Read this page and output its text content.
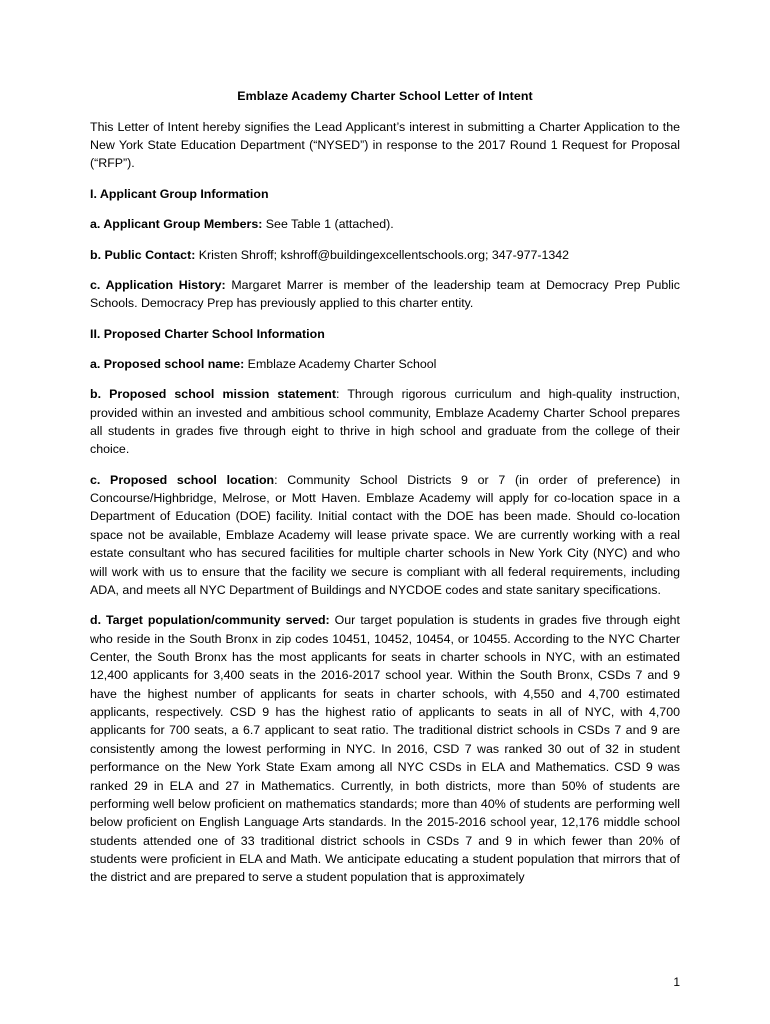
Emblaze Academy Charter School Letter of Intent

This Letter of Intent hereby signifies the Lead Applicant’s interest in submitting a Charter Application to the New York State Education Department (“NYSED”) in response to the 2017 Round 1 Request for Proposal (“RFP”).

I. Applicant Group Information

a. Applicant Group Members: See Table 1 (attached).

b. Public Contact: Kristen Shroff; kshroff@buildingexcellentschools.org; 347-977-1342

c. Application History: Margaret Marrer is member of the leadership team at Democracy Prep Public Schools. Democracy Prep has previously applied to this charter entity.

II. Proposed Charter School Information

a. Proposed school name: Emblaze Academy Charter School

b. Proposed school mission statement: Through rigorous curriculum and high-quality instruction, provided within an invested and ambitious school community, Emblaze Academy Charter School prepares all students in grades five through eight to thrive in high school and graduate from the college of their choice.

c. Proposed school location: Community School Districts 9 or 7 (in order of preference) in Concourse/Highbridge, Melrose, or Mott Haven. Emblaze Academy will apply for co-location space in a Department of Education (DOE) facility. Initial contact with the DOE has been made. Should co-location space not be available, Emblaze Academy will lease private space. We are currently working with a real estate consultant who has secured facilities for multiple charter schools in New York City (NYC) and who will work with us to ensure that the facility we secure is compliant with all federal requirements, including ADA, and meets all NYC Department of Buildings and NYCDOE codes and state sanitary specifications.

d. Target population/community served: Our target population is students in grades five through eight who reside in the South Bronx in zip codes 10451, 10452, 10454, or 10455. According to the NYC Charter Center, the South Bronx has the most applicants for seats in charter schools in NYC, with an estimated 12,400 applicants for 3,400 seats in the 2016-2017 school year. Within the South Bronx, CSDs 7 and 9 have the highest number of applicants for seats in charter schools, with 4,550 and 4,700 estimated applicants, respectively. CSD 9 has the highest ratio of applicants to seats in all of NYC, with 4,700 applicants for 700 seats, a 6.7 applicant to seat ratio. The traditional district schools in CSDs 7 and 9 are consistently among the lowest performing in NYC. In 2016, CSD 7 was ranked 30 out of 32 in student performance on the New York State Exam among all NYC CSDs in ELA and Mathematics. CSD 9 was ranked 29 in ELA and 27 in Mathematics. Currently, in both districts, more than 50% of students are performing well below proficient on mathematics standards; more than 40% of students are performing well below proficient on English Language Arts standards. In the 2015-2016 school year, 12,176 middle school students attended one of 33 traditional district schools in CSDs 7 and 9 in which fewer than 20% of students were proficient in ELA and Math. We anticipate educating a student population that mirrors that of the district and are prepared to serve a student population that is approximately

1
